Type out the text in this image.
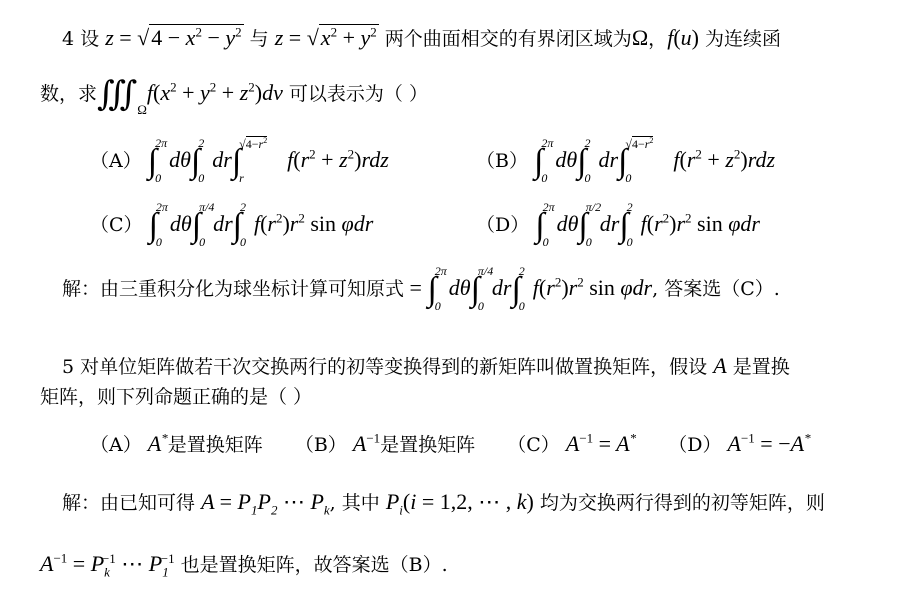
4 设 $z = √4 - x^2 - y^2$ 与 $z = √x^2 + y^2$ 两个曲面相交的有界闭区域为Ω，f(u) 为连续函
数，求$∭_\Omega f(x^2 + y^2 + z^2)dv$ 可以表示为（ ）
（A） ∫
2π
0
dθ∫
2
0
dr∫
$√4-r^2$
r
$f(r^2 + z^2)rdz$	（B） ∫
2π
0
dθ∫
2
0
dr∫
$√4-r^2$
0
$f(r^2 + z^2)rdz$
（C） ∫
2π
0
dθ∫
π/4
0
dr∫
2
0
$f(r^2)r^2$ sin φdr	（D） ∫
2π
0
dθ∫
π/2
0
dr∫
2
0
$f(r^2)r^2$ sin φdr
解：由三重积分化为球坐标计算可知原式 = ∫
2π
0
dθ∫
π/4
0
dr∫
2
0
$f(r^2)r^2$ sin φdr, 答案选（C）.
5 对单位矩阵做若干次交换两行的初等变换得到的新矩阵叫做置换矩阵，假设 A 是置换
矩阵，则下列命题正确的是（ ）
（A） A*是置换矩阵 （B） $A^{-1}$是置换矩阵 （C） $A^{-1} = A^*$ （D） $A^{-1} = -A^*$
解：由已知可得 $A = P_1P_2$ ⋯ $P_k$, 其中 $P_i(i = 1,2$, ⋯ , k) 均为交换两行得到的初等矩阵，则
$A^{-1} = P_k^{-1}$ ⋯ $P_1^{-1}$ 也是置换矩阵，故答案选（B）.
